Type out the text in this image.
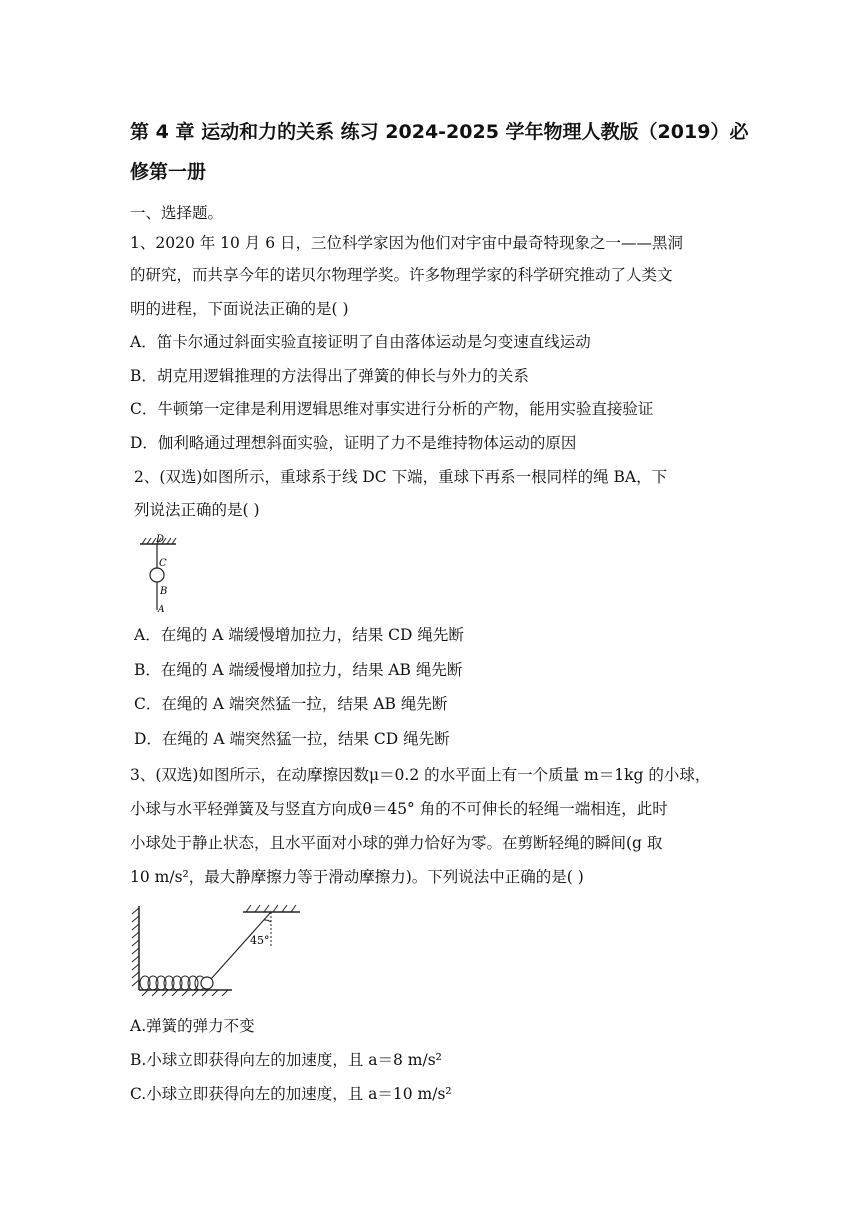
第 4 章 运动和力的关系 练习 2024-2025 学年物理人教版（2019）必修第一册
一、选择题。
1、2020 年 10 月 6 日，三位科学家因为他们对宇宙中最奇特现象之一——黑洞
的研究，而共享今年的诺贝尔物理学奖。许多物理学家的科学研究推动了人类文
明的进程，下面说法正确的是( )
A．笛卡尔通过斜面实验直接证明了自由落体运动是匀变速直线运动
B．胡克用逻辑推理的方法得出了弹簧的伸长与外力的关系
C．牛顿第一定律是利用逻辑思维对事实进行分析的产物，能用实验直接验证
D．伽利略通过理想斜面实验，证明了力不是维持物体运动的原因
2、(双选)如图所示，重球系于线 DC 下端，重球下再系一根同样的绳 BA，下
列说法正确的是( )
D
C
B
A
A．在绳的 A 端缓慢增加拉力，结果 CD 绳先断
B．在绳的 A 端缓慢增加拉力，结果 AB 绳先断
C．在绳的 A 端突然猛一拉，结果 AB 绳先断
D．在绳的 A 端突然猛一拉，结果 CD 绳先断
3、(双选)如图所示，在动摩擦因数μ＝0.2 的水平面上有一个质量 m＝1kg 的小球，
小球与水平轻弹簧及与竖直方向成θ＝45° 角的不可伸长的轻绳一端相连，此时
小球处于静止状态，且水平面对小球的弹力恰好为零。在剪断轻绳的瞬间(g 取
10 m/s²，最大静摩擦力等于滑动摩擦力)。下列说法中正确的是( )
45°
A.弹簧的弹力不变
B.小球立即获得向左的加速度，且 a＝8 m/s²
C.小球立即获得向左的加速度，且 a＝10 m/s²
